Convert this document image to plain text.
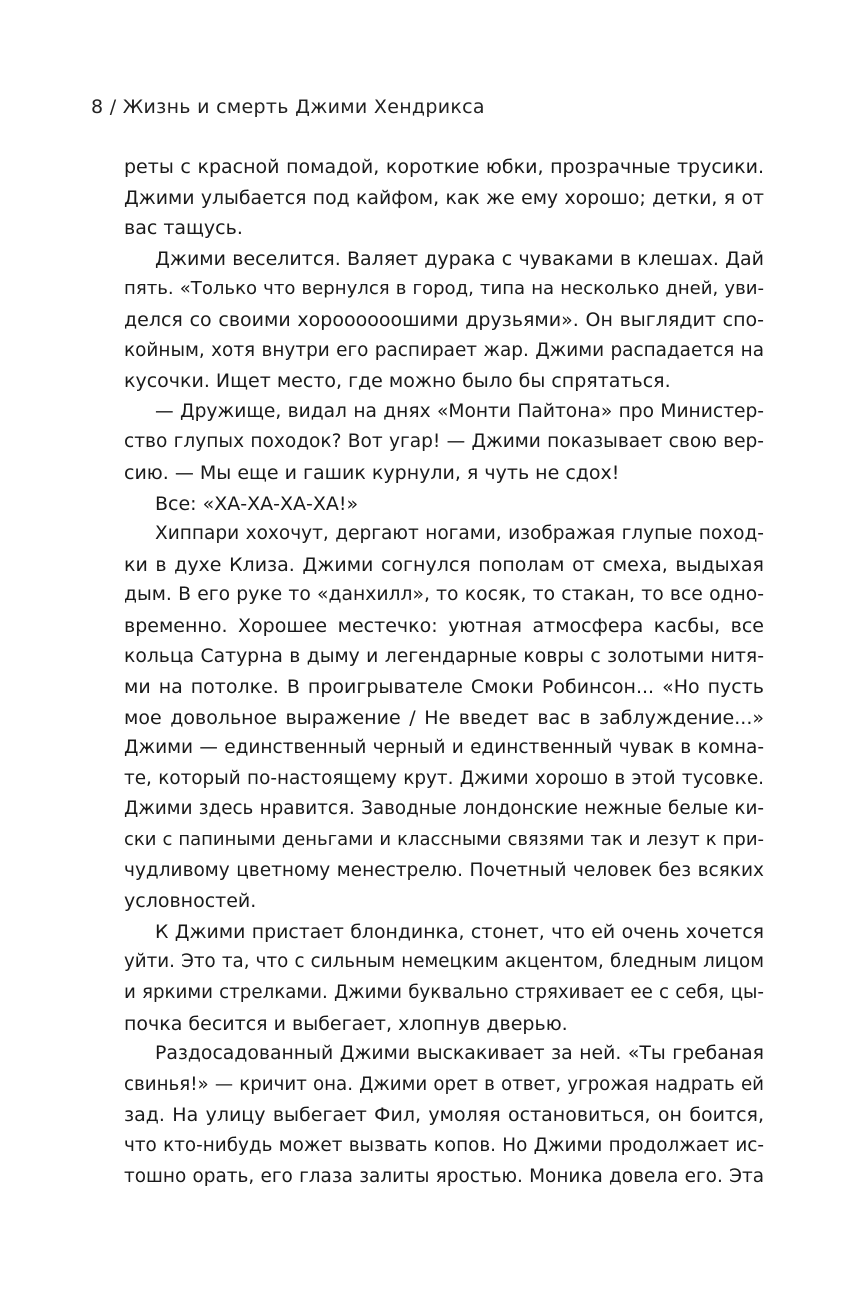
8 / Жизнь и смерть Джими Хендрикса
реты с красной помадой, короткие юбки, прозрачные трусики.
Джими улыбается под кайфом, как же ему хорошо; детки, я от
вас тащусь.
Джими веселится. Валяет дурака с чуваками в клешах. Дай
пять. «Только что вернулся в город, типа на несколько дней, уви-
делся со своими хороооооошими друзьями». Он выглядит спо-
койным, хотя внутри его распирает жар. Джими распадается на
кусочки. Ищет место, где можно было бы спрятаться.
— Дружище, видал на днях «Монти Пайтона» про Министер-
ство глупых походок? Вот угар! — Джими показывает свою вер-
сию. — Мы еще и гашик курнули, я чуть не сдох!
Все: «ХА-ХА-ХА-ХА!»
Хиппари хохочут, дергают ногами, изображая глупые поход-
ки в духе Клиза. Джими согнулся пополам от смеха, выдыхая
дым. В его руке то «данхилл», то косяк, то стакан, то все одно-
временно. Хорошее местечко: уютная атмосфера касбы, все
кольца Сатурна в дыму и легендарные ковры с золотыми нитя-
ми на потолке. В проигрывателе Смоки Робинсон... «Но пусть
мое довольное выражение / Не введет вас в заблуждение...»
Джими — единственный черный и единственный чувак в комна-
те, который по-настоящему крут. Джими хорошо в этой тусовке.
Джими здесь нравится. Заводные лондонские нежные белые ки-
ски с папиными деньгами и классными связями так и лезут к при-
чудливому цветному менестрелю. Почетный человек без всяких
условностей.
К Джими пристает блондинка, стонет, что ей очень хочется
уйти. Это та, что с сильным немецким акцентом, бледным лицом
и яркими стрелками. Джими буквально стряхивает ее с себя, цы-
почка бесится и выбегает, хлопнув дверью.
Раздосадованный Джими выскакивает за ней. «Ты гребаная
свинья!» — кричит она. Джими орет в ответ, угрожая надрать ей
зад. На улицу выбегает Фил, умоляя остановиться, он боится,
что кто-нибудь может вызвать копов. Но Джими продолжает ис-
тошно орать, его глаза залиты яростью. Моника довела его. Эта
